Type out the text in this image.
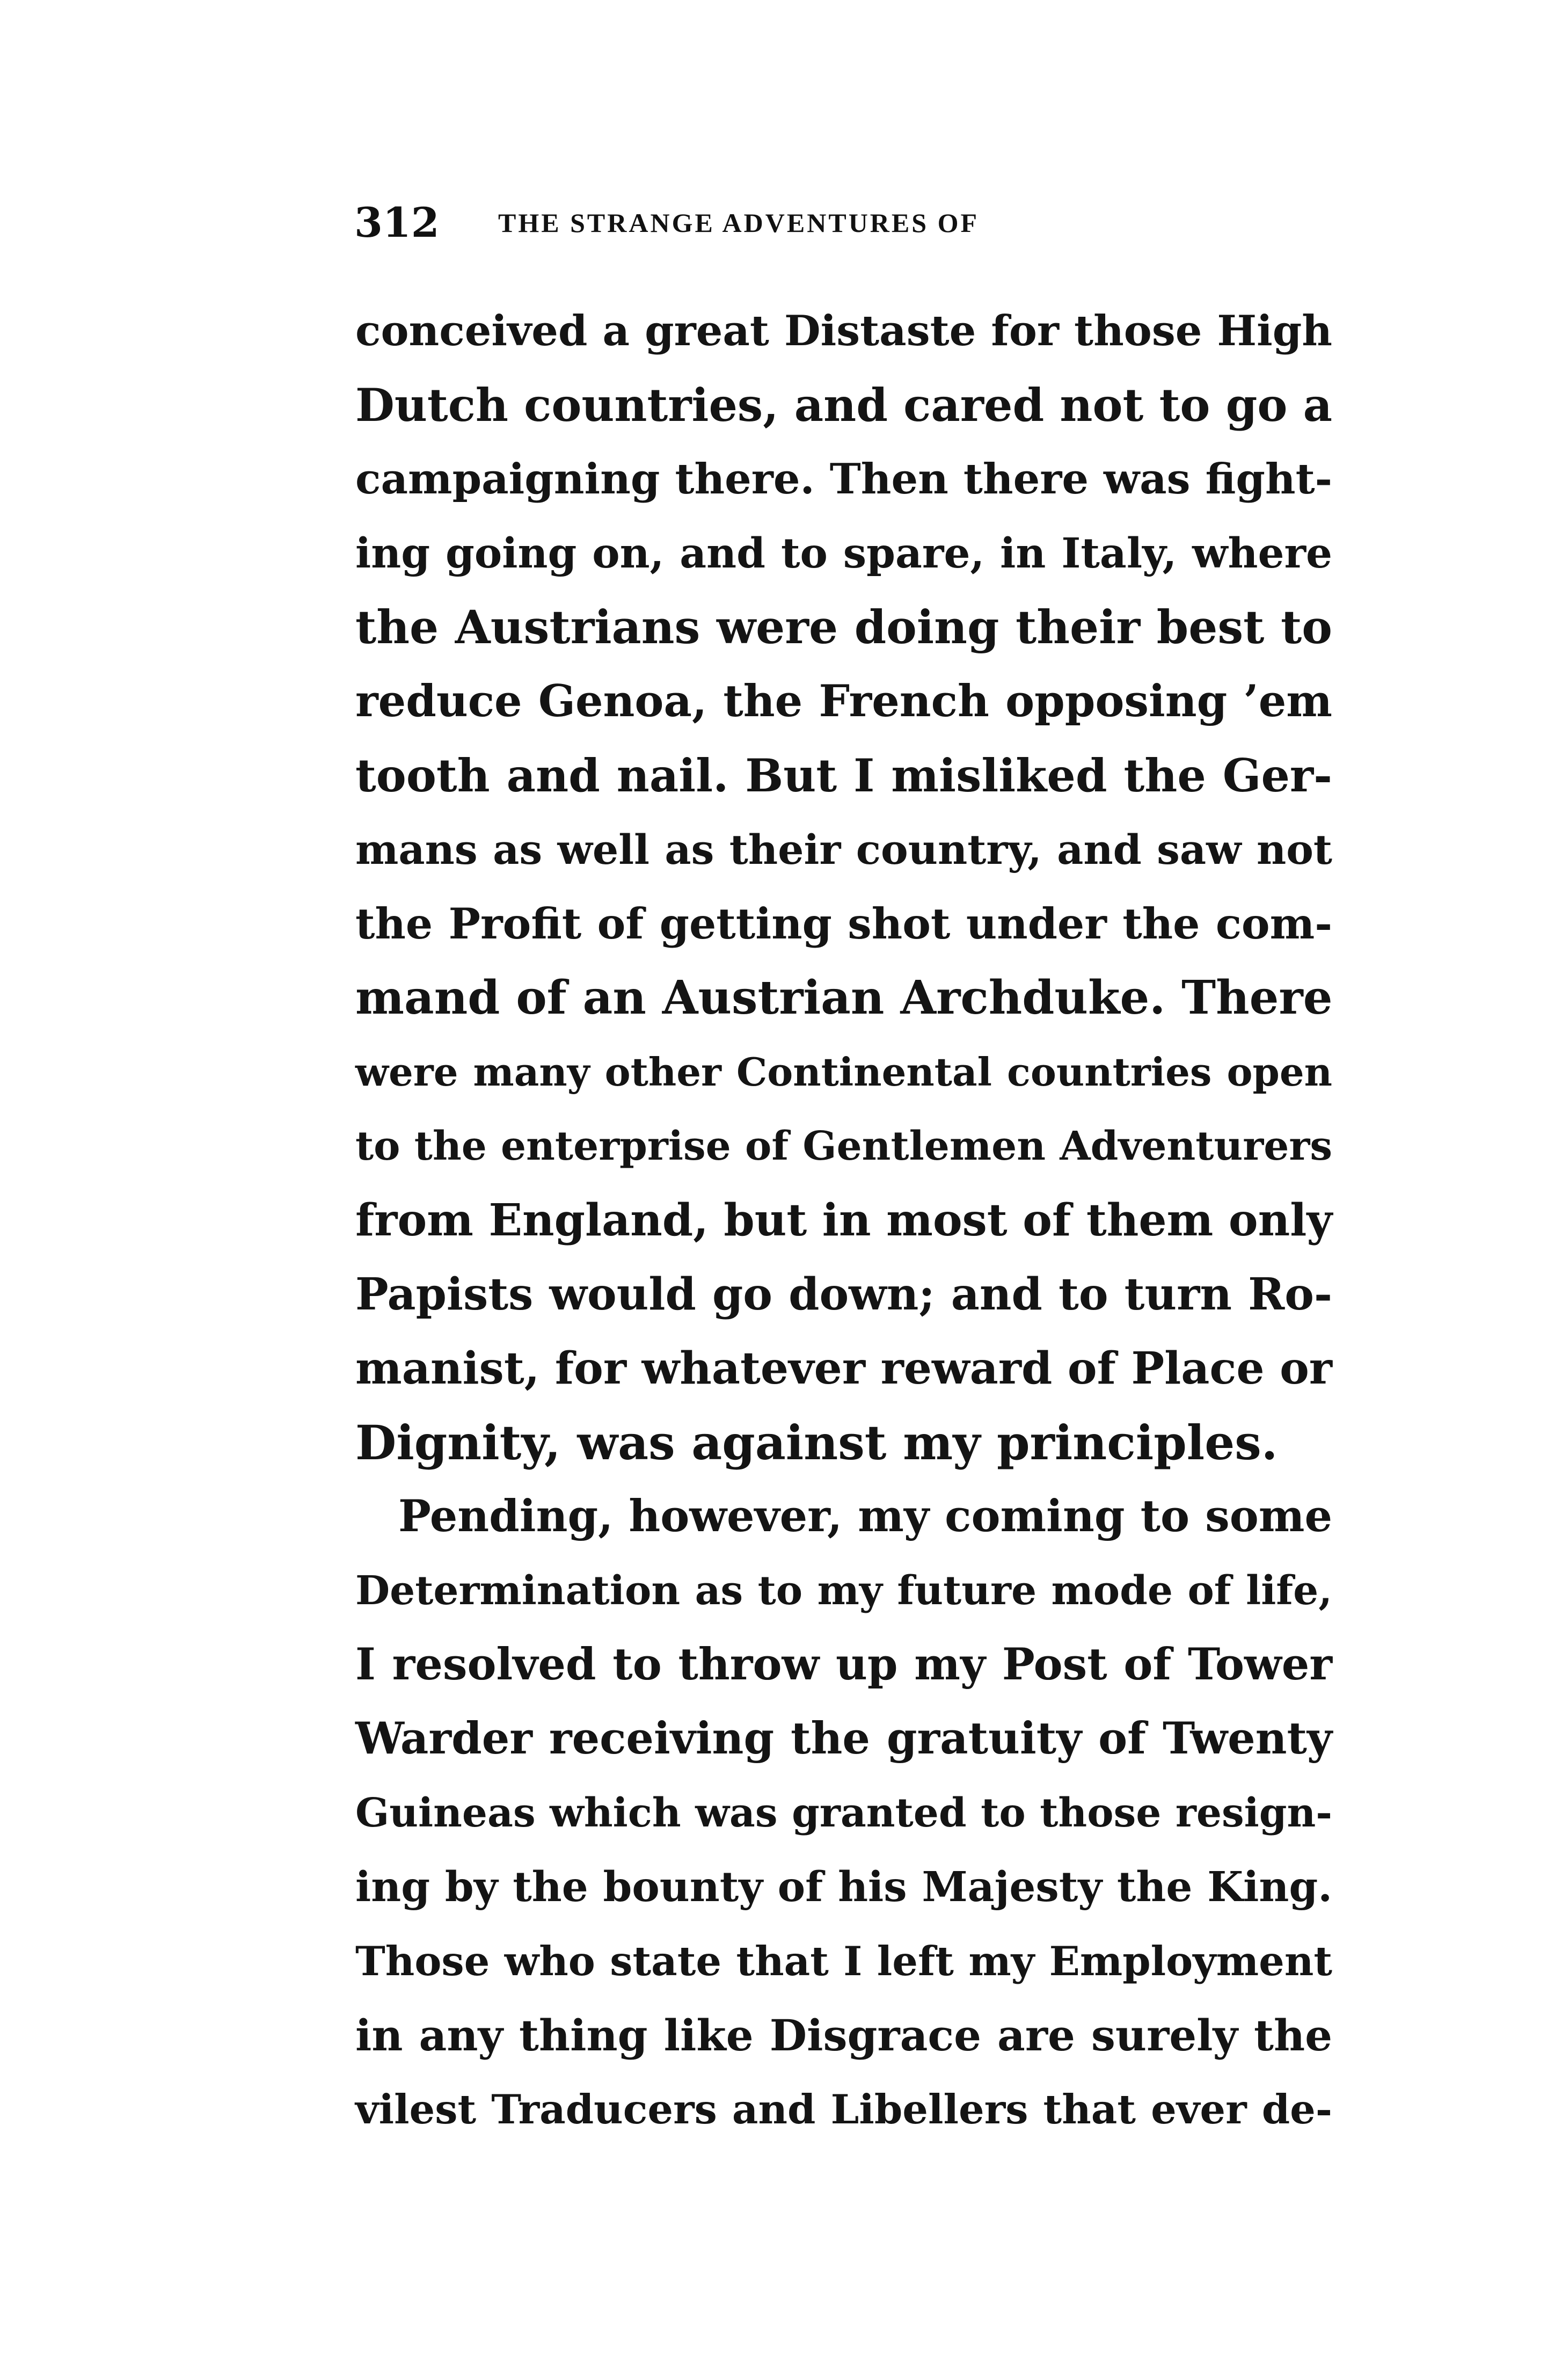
312 THE STRANGE ADVENTURES OF
conceived a great Distaste for those High
Dutch countries, and cared not to go a
campaigning there. Then there was fight-
ing going on, and to spare, in Italy, where
the Austrians were doing their best to
reduce Genoa, the French opposing ’em
tooth and nail. But I misliked the Ger-
mans as well as their country, and saw not
the Profit of getting shot under the com-
mand of an Austrian Archduke. There
were many other Continental countries open
to the enterprise of Gentlemen Adventurers
from England, but in most of them only
Papists would go down; and to turn Ro-
manist, for whatever reward of Place or
Dignity, was against my principles.
Pending, however, my coming to some
Determination as to my future mode of life,
I resolved to throw up my Post of Tower
Warder receiving the gratuity of Twenty
Guineas which was granted to those resign-
ing by the bounty of his Majesty the King.
Those who state that I left my Employment
in any thing like Disgrace are surely the
vilest Traducers and Libellers that ever de-
